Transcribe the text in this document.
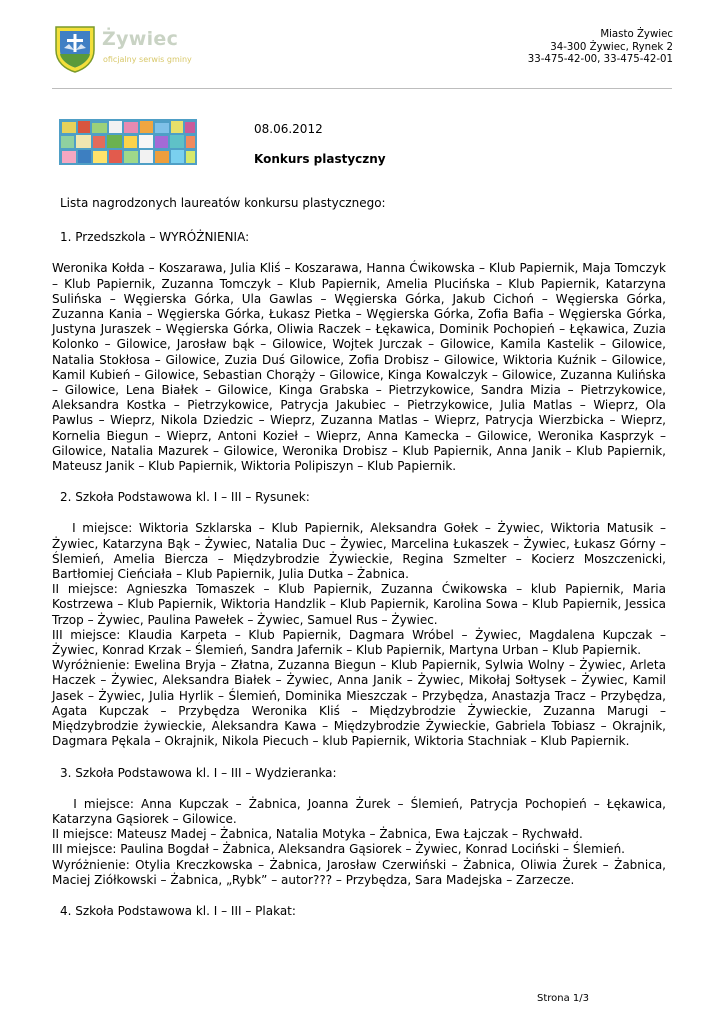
Żywiec
oficjalny serwis gminy
Miasto Żywiec
34-300 Żywiec, Rynek 2
33-475-42-00, 33-475-42-01
08.06.2012
Konkurs plastyczny

Lista nagrodzonych laureatów konkursu plastycznego:

1. Przedszkola – WYRÓŻNIENIA:

Weronika Kołda – Koszarawa, Julia Kliś – Koszarawa, Hanna Ćwikowska – Klub Papiernik, Maja Tomczyk – Klub Papiernik, Zuzanna Tomczyk – Klub Papiernik, Amelia Plucińska – Klub Papiernik, Katarzyna Sulińska – Węgierska Górka, Ula Gawlas – Węgierska Górka, Jakub Cichoń – Węgierska Górka, Zuzanna Kania – Węgierska Górka, Łukasz Pietka – Węgierska Górka, Zofia Bafia – Węgierska Górka, Justyna Juraszek – Węgierska Górka, Oliwia Raczek – Łękawica, Dominik Pochopień – Łękawica, Zuzia Kolonko – Gilowice, Jarosław bąk – Gilowice, Wojtek Jurczak – Gilowice, Kamila Kastelik – Gilowice, Natalia Stokłosa – Gilowice, Zuzia Duś Gilowice, Zofia Drobisz – Gilowice, Wiktoria Kuźnik – Gilowice, Kamil Kubień – Gilowice, Sebastian Chorąży – Gilowice, Kinga Kowalczyk – Gilowice, Zuzanna Kulińska – Gilowice, Lena Białek – Gilowice, Kinga Grabska – Pietrzykowice, Sandra Mizia – Pietrzykowice, Aleksandra Kostka – Pietrzykowice, Patrycja Jakubiec – Pietrzykowice, Julia Matlas – Wieprz, Ola Pawlus – Wieprz, Nikola Dziedzic – Wieprz, Zuzanna Matlas – Wieprz, Patrycja Wierzbicka – Wieprz, Kornelia Biegun – Wieprz, Antoni Kozieł – Wieprz, Anna Kamecka – Gilowice, Weronika Kasprzyk – Gilowice, Natalia Mazurek – Gilowice, Weronika Drobisz – Klub Papiernik, Anna Janik – Klub Papiernik, Mateusz Janik – Klub Papiernik, Wiktoria Polipiszyn – Klub Papiernik.

2. Szkoła Podstawowa kl. I – III – Rysunek:

I miejsce: Wiktoria Szklarska – Klub Papiernik, Aleksandra Gołek – Żywiec, Wiktoria Matusik – Żywiec, Katarzyna Bąk – Żywiec, Natalia Duc – Żywiec, Marcelina Łukaszek – Żywiec, Łukasz Górny – Ślemień, Amelia Biercza – Międzybrodzie Żywieckie, Regina Szmelter – Kocierz Moszczenicki, Bartłomiej Cieńciała – Klub Papiernik, Julia Dutka – Żabnica.

II miejsce: Agnieszka Tomaszek – Klub Papiernik, Zuzanna Ćwikowska – klub Papiernik, Maria Kostrzewa – Klub Papiernik, Wiktoria Handzlik – Klub Papiernik, Karolina Sowa – Klub Papiernik, Jessica Trzop – Żywiec, Paulina Pawełek – Żywiec, Samuel Rus – Żywiec.

III miejsce: Klaudia Karpeta – Klub Papiernik, Dagmara Wróbel – Żywiec, Magdalena Kupczak – Żywiec, Konrad Krzak – Ślemień, Sandra Jafernik – Klub Papiernik, Martyna Urban – Klub Papiernik.

Wyróżnienie: Ewelina Bryja – Złatna, Zuzanna Biegun – Klub Papiernik, Sylwia Wolny – Żywiec, Arleta Haczek – Żywiec, Aleksandra Białek – Żywiec, Anna Janik – Żywiec, Mikołaj Sołtysek – Żywiec, Kamil Jasek – Żywiec, Julia Hyrlik – Ślemień, Dominika Mieszczak – Przybędza, Anastazja Tracz – Przybędza, Agata Kupczak – Przybędza Weronika Kliś – Międzybrodzie Żywieckie, Zuzanna Marugi – Międzybrodzie żywieckie, Aleksandra Kawa – Międzybrodzie Żywieckie, Gabriela Tobiasz – Okrajnik, Dagmara Pękala – Okrajnik, Nikola Piecuch – klub Papiernik, Wiktoria Stachniak – Klub Papiernik.

3. Szkoła Podstawowa kl. I – III – Wydzieranka:

I miejsce: Anna Kupczak – Żabnica, Joanna Żurek – Ślemień, Patrycja Pochopień – Łękawica, Katarzyna Gąsiorek – Gilowice.

II miejsce: Mateusz Madej – Żabnica, Natalia Motyka – Żabnica, Ewa Łajczak – Rychwałd.

III miejsce: Paulina Bogdał – Żabnica, Aleksandra Gąsiorek – Żywiec, Konrad Lociński – Ślemień.

Wyróżnienie: Otylia Kreczkowska – Żabnica, Jarosław Czerwiński – Żabnica, Oliwia Żurek – Żabnica, Maciej Ziółkowski – Żabnica, „Rybk” – autor??? – Przybędza, Sara Madejska – Zarzecze.

4. Szkoła Podstawowa kl. I – III – Plakat:

Strona 1/3
